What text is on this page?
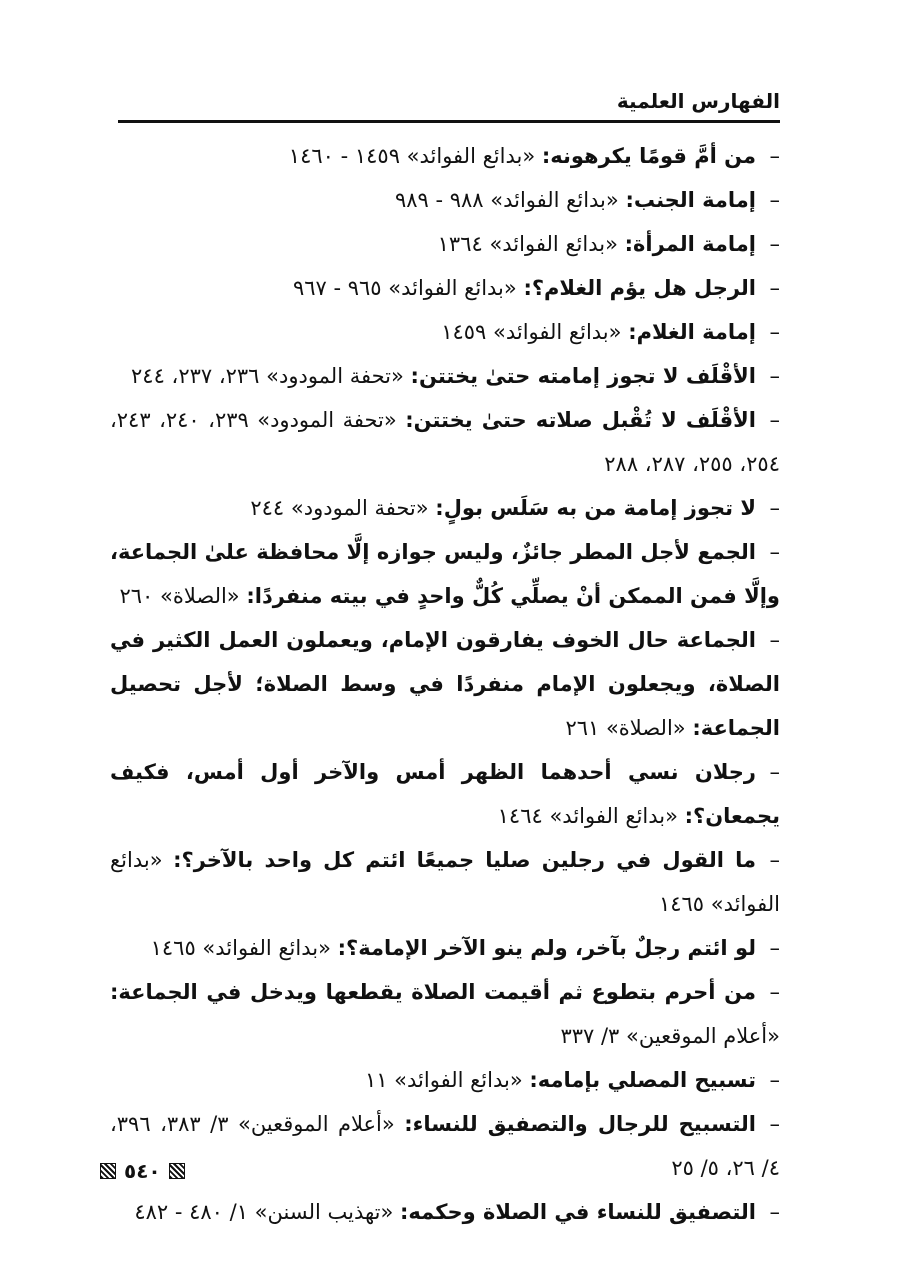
الفهارس العلمية
–من أمَّ قومًا يكرهونه: «بدائع الفوائد» ١٤٥٩ - ١٤٦٠
–إمامة الجنب: «بدائع الفوائد» ٩٨٨ - ٩٨٩
–إمامة المرأة: «بدائع الفوائد» ١٣٦٤
–الرجل هل يؤم الغلام؟: «بدائع الفوائد» ٩٦٥ - ٩٦٧
–إمامة الغلام: «بدائع الفوائد» ١٤٥٩
–الأقْلَف لا تجوز إمامته حتىٰ يختتن: «تحفة المودود» ٢٣٦، ٢٣٧، ٢٤٤
–الأقْلَف لا تُقْبل صلاته حتىٰ يختتن: «تحفة المودود» ٢٣٩، ٢٤٠، ٢٤٣، ٢٥٤، ٢٥٥، ٢٨٧، ٢٨٨
–لا تجوز إمامة من به سَلَس بولٍ: «تحفة المودود» ٢٤٤
–الجمع لأجل المطر جائزٌ، وليس جوازه إلَّا محافظة علىٰ الجماعة، وإلَّا فمن الممكن أنْ يصلِّي كُلٌّ واحدٍ في بيته منفردًا: «الصلاة» ٢٦٠
–الجماعة حال الخوف يفارقون الإمام، ويعملون العمل الكثير في الصلاة، ويجعلون الإمام منفردًا في وسط الصلاة؛ لأجل تحصيل الجماعة: «الصلاة» ٢٦١
–رجلان نسي أحدهما الظهر أمس والآخر أول أمس، فكيف يجمعان؟: «بدائع الفوائد» ١٤٦٤
–ما القول في رجلين صليا جميعًا ائتم كل واحد بالآخر؟: «بدائع الفوائد» ١٤٦٥
–لو ائتم رجلٌ بآخر، ولم ينو الآخر الإمامة؟: «بدائع الفوائد» ١٤٦٥
–من أحرم بتطوع ثم أقيمت الصلاة يقطعها ويدخل في الجماعة: «أعلام الموقعين» ٣/ ٣٣٧
–تسبيح المصلي بإمامه: «بدائع الفوائد» ١١
–التسبيح للرجال والتصفيق للنساء: «أعلام الموقعين» ٣/ ٣٨٣، ٣٩٦، ٤/ ٢٦، ٥/ ٢٥
–التصفيق للنساء في الصلاة وحكمه: «تهذيب السنن» ١/ ٤٨٠ - ٤٨٢
٥٤٠
